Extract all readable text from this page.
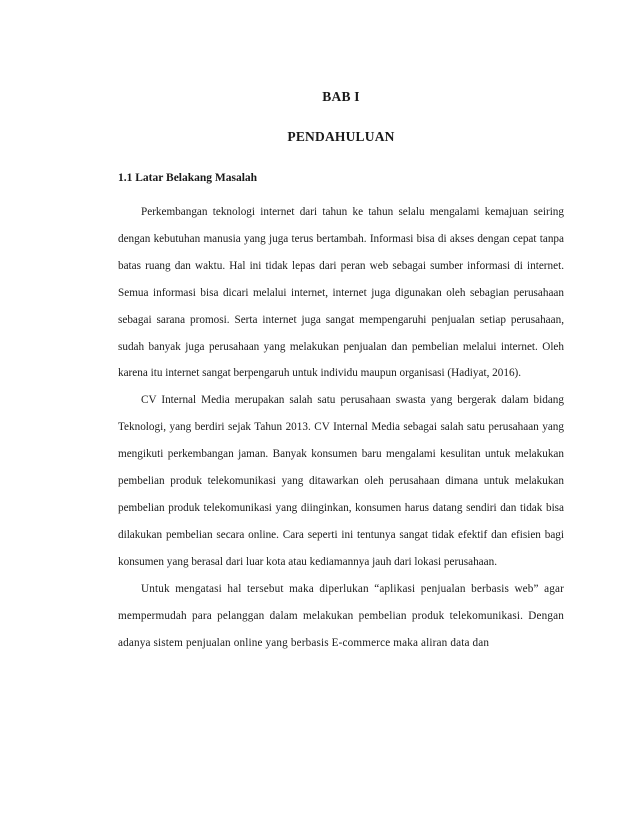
BAB I
PENDAHULUAN
1.1 Latar Belakang Masalah

Perkembangan teknologi internet dari tahun ke tahun selalu mengalami kemajuan seiring dengan kebutuhan manusia yang juga terus bertambah. Informasi bisa di akses dengan cepat tanpa batas ruang dan waktu. Hal ini tidak lepas dari peran web sebagai sumber informasi di internet. Semua informasi bisa dicari melalui internet, internet juga digunakan oleh sebagian perusahaan sebagai sarana promosi. Serta internet juga sangat mempengaruhi penjualan setiap perusahaan, sudah banyak juga perusahaan yang melakukan penjualan dan pembelian melalui internet. Oleh karena itu internet sangat berpengaruh untuk individu maupun organisasi (Hadiyat, 2016).

CV Internal Media merupakan salah satu perusahaan swasta yang bergerak dalam bidang Teknologi, yang berdiri sejak Tahun 2013. CV Internal Media sebagai salah satu perusahaan yang mengikuti perkembangan jaman. Banyak konsumen baru mengalami kesulitan untuk melakukan pembelian produk telekomunikasi yang ditawarkan oleh perusahaan dimana untuk melakukan pembelian produk telekomunikasi yang diinginkan, konsumen harus datang sendiri dan tidak bisa dilakukan pembelian secara online. Cara seperti ini tentunya sangat tidak efektif dan efisien bagi konsumen yang berasal dari luar kota atau kediamannya jauh dari lokasi perusahaan.

Untuk mengatasi hal tersebut maka diperlukan “aplikasi penjualan berbasis web” agar mempermudah para pelanggan dalam melakukan pembelian produk telekomunikasi. Dengan adanya sistem penjualan online yang berbasis E-commerce maka aliran data dan
